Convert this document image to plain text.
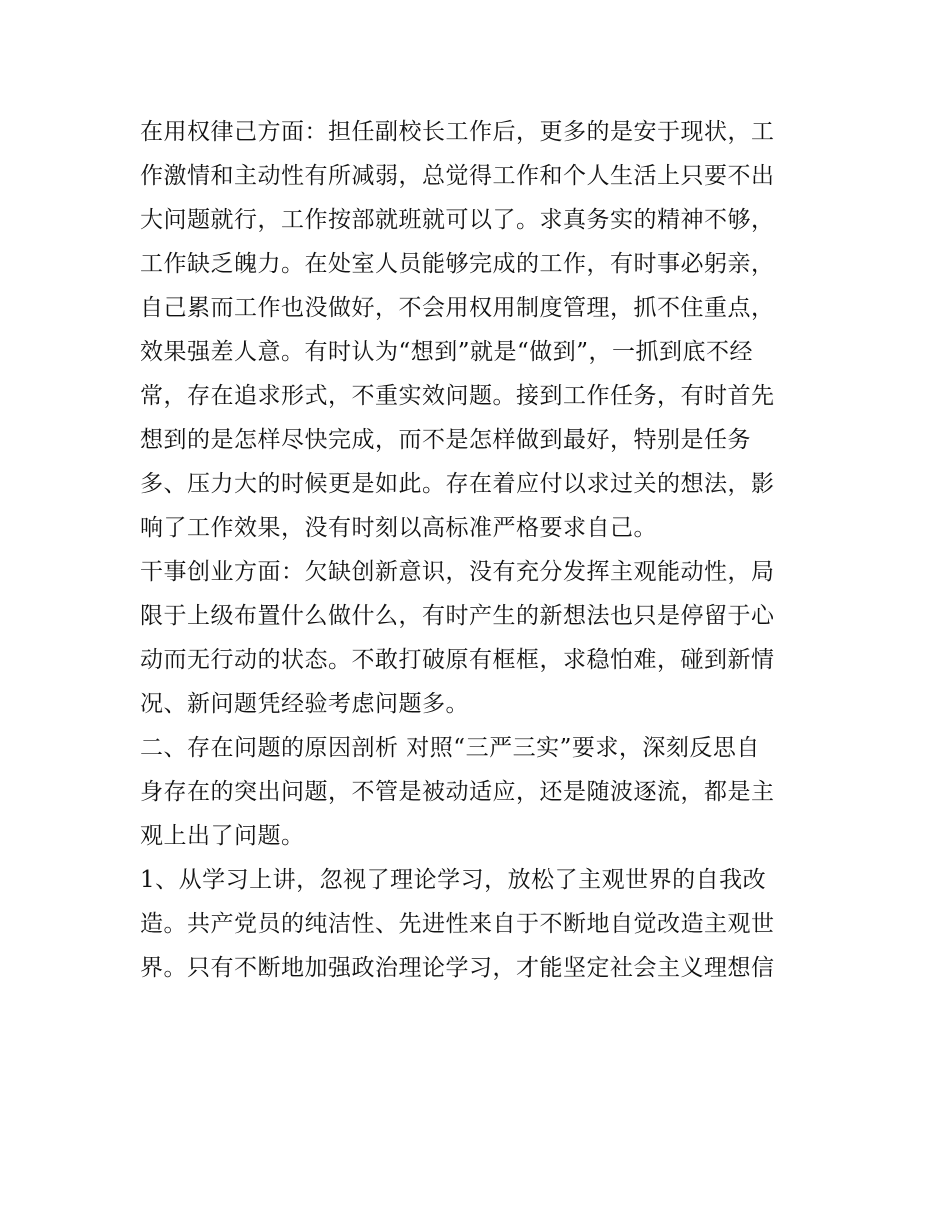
在用权律己方面：担任副校长工作后，更多的是安于现状，工
作激情和主动性有所减弱，总觉得工作和个人生活上只要不出
大问题就行，工作按部就班就可以了。求真务实的精神不够，
工作缺乏魄力。在处室人员能够完成的工作，有时事必躬亲，
自己累而工作也没做好，不会用权用制度管理，抓不住重点，
效果强差人意。有时认为“想到”就是“做到”，一抓到底不经
常，存在追求形式，不重实效问题。接到工作任务，有时首先
想到的是怎样尽快完成，而不是怎样做到最好，特别是任务
多、压力大的时候更是如此。存在着应付以求过关的想法，影
响了工作效果，没有时刻以高标准严格要求自己。
干事创业方面：欠缺创新意识，没有充分发挥主观能动性，局
限于上级布置什么做什么，有时产生的新想法也只是停留于心
动而无行动的状态。不敢打破原有框框，求稳怕难，碰到新情
况、新问题凭经验考虑问题多。
二、存在问题的原因剖析 对照“三严三实”要求，深刻反思自
身存在的突出问题，不管是被动适应，还是随波逐流，都是主
观上出了问题。
1、从学习上讲，忽视了理论学习，放松了主观世界的自我改
造。共产党员的纯洁性、先进性来自于不断地自觉改造主观世
界。只有不断地加强政治理论学习，才能坚定社会主义理想信
